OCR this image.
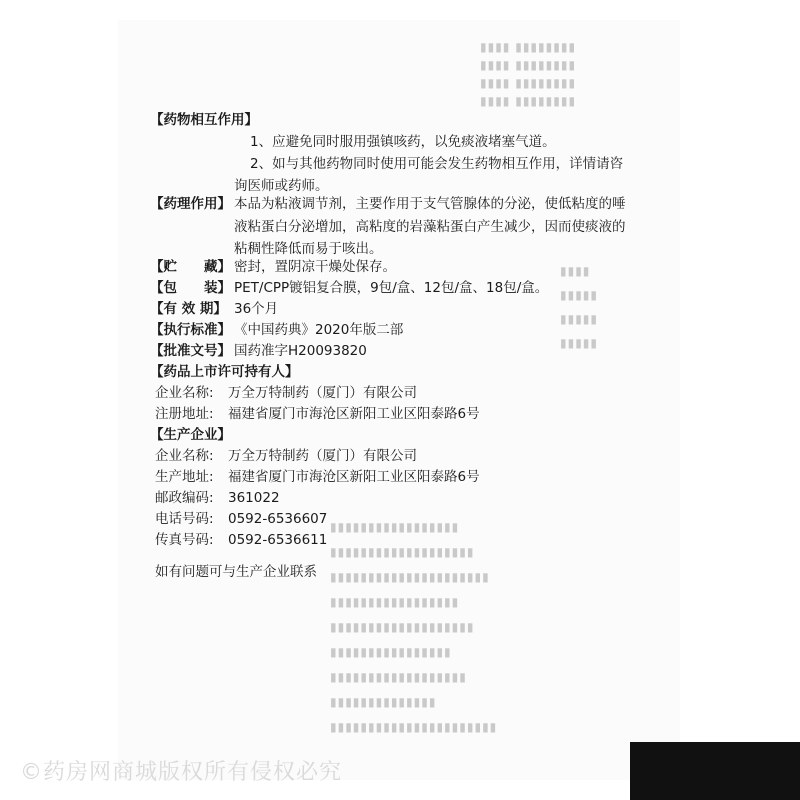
▮▮▮▮ ▮▮▮▮▮▮▮▮
▮▮▮▮ ▮▮▮▮▮▮▮▮
▮▮▮▮ ▮▮▮▮▮▮▮▮
▮▮▮▮ ▮▮▮▮▮▮▮▮
▮▮▮▮
▮▮▮▮▮
▮▮▮▮▮
▮▮▮▮▮
▮▮▮▮▮▮▮▮▮▮▮▮▮▮▮▮▮
▮▮▮▮▮▮▮▮▮▮▮▮▮▮▮▮▮▮▮
▮▮▮▮▮▮▮▮▮▮▮▮▮▮▮▮▮▮▮▮▮
▮▮▮▮▮▮▮▮▮▮▮▮▮▮▮▮▮
▮▮▮▮▮▮▮▮▮▮▮▮▮▮▮▮▮▮▮
▮▮▮▮▮▮▮▮▮▮▮▮▮▮▮▮
▮▮▮▮▮▮▮▮▮▮▮▮▮▮▮▮▮▮
▮▮▮▮▮▮▮▮▮▮▮▮▮▮
▮▮▮▮▮▮▮▮▮▮▮▮▮▮▮▮▮▮▮▮▮▮
【药物相互作用】
1、应避免同时服用强镇咳药，以免痰液堵塞气道。
2、如与其他药物同时使用可能会发生药物相互作用，详情请咨
询医师或药师。
【药理作用】 本品为粘液调节剂，主要作用于支气管腺体的分泌，使低粘度的唾
液粘蛋白分泌增加，高粘度的岩藻粘蛋白产生减少，因而使痰液的
粘稠性降低而易于咳出。
【贮　　藏】 密封，置阴凉干燥处保存。
【包　　装】 PET/CPP镀铝复合膜，9包/盒、12包/盒、18包/盒。
【有 效 期】 36个月
【执行标准】 《中国药典》2020年版二部
【批准文号】 国药准字H20093820
【药品上市许可持有人】
企业名称: 万全万特制药（厦门）有限公司
注册地址: 福建省厦门市海沧区新阳工业区阳泰路6号
【生产企业】
企业名称: 万全万特制药（厦门）有限公司
生产地址: 福建省厦门市海沧区新阳工业区阳泰路6号
邮政编码: 361022
电话号码: 0592-6536607
传真号码: 0592-6536611
如有问题可与生产企业联系
©药房网商城版权所有侵权必究
